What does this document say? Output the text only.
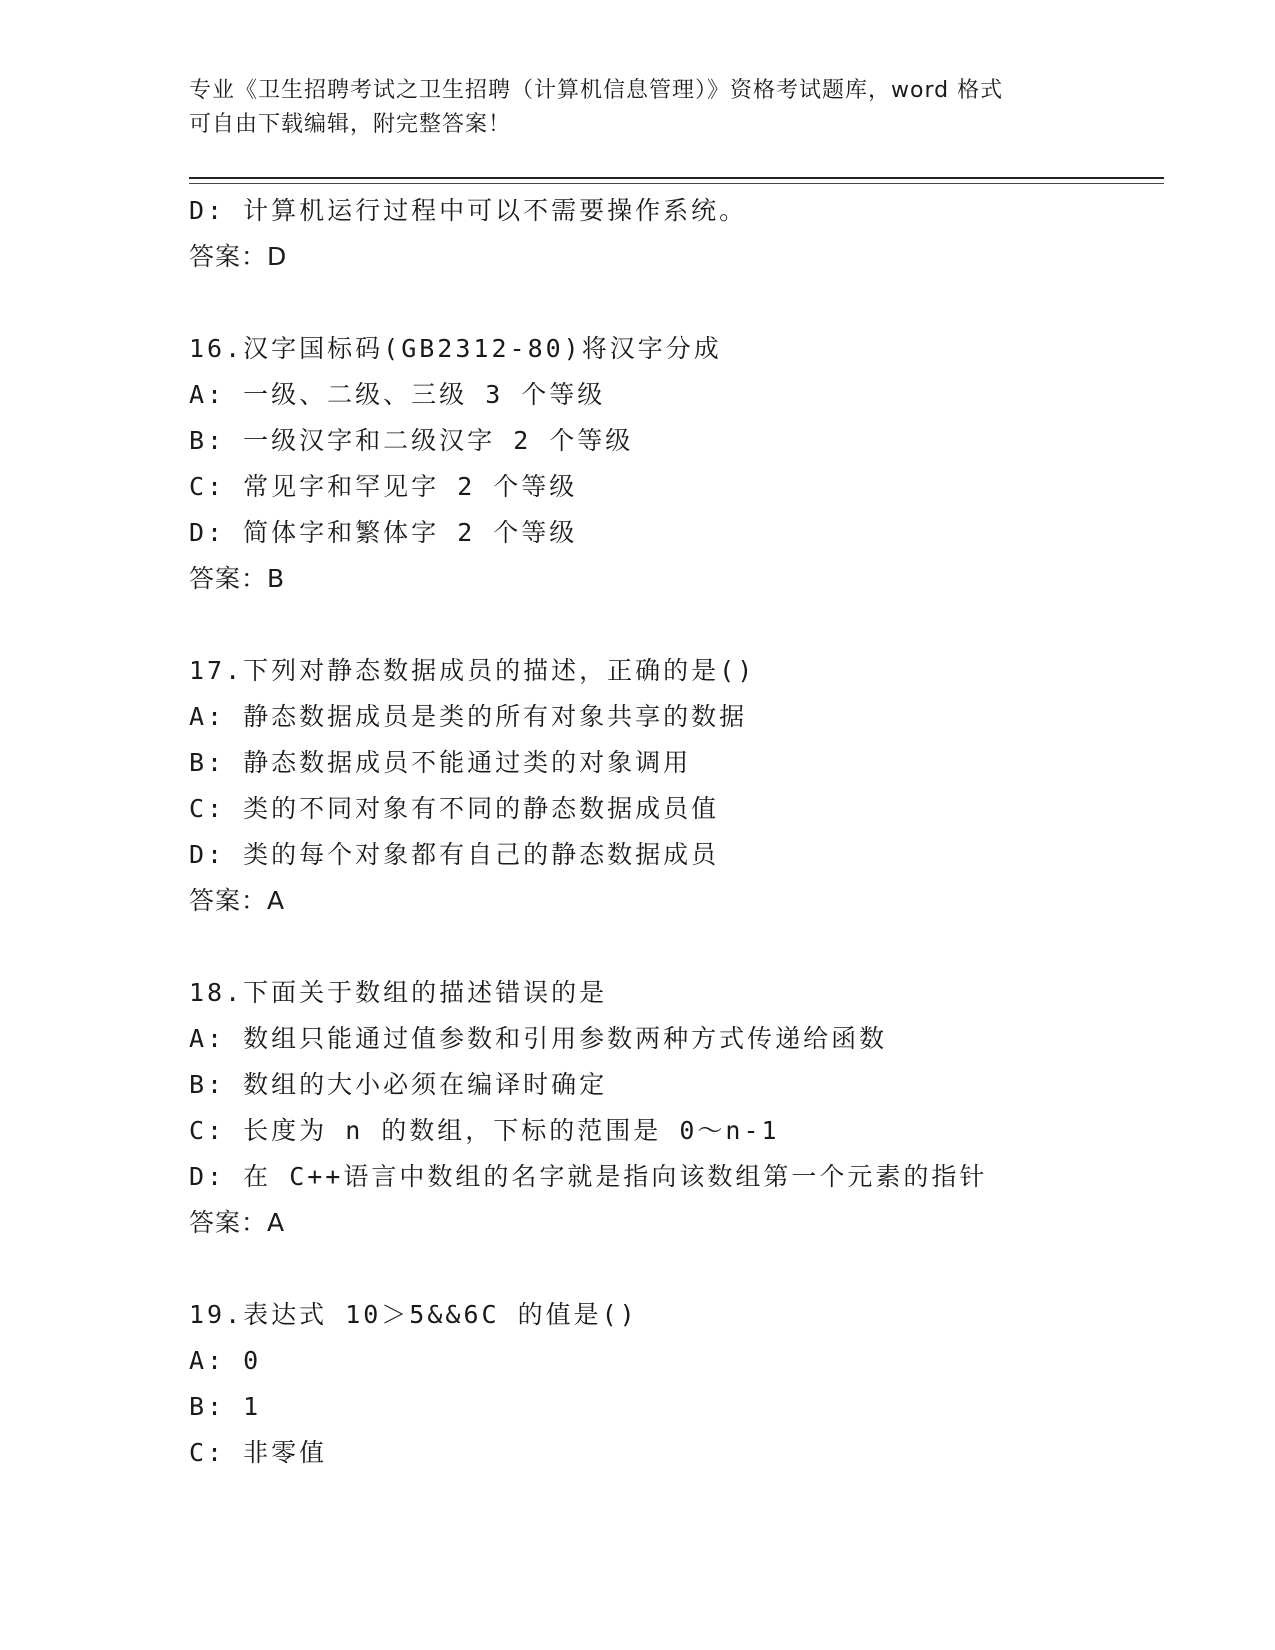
专业《卫生招聘考试之卫生招聘（计算机信息管理）》资格考试题库，word 格式
可自由下载编辑，附完整答案！
D: 计算机运行过程中可以不需要操作系统。
答案：D
16.汉字国标码(GB2312-80)将汉字分成
A: 一级、二级、三级 3 个等级
B: 一级汉字和二级汉字 2 个等级
C: 常见字和罕见字 2 个等级
D: 简体字和繁体字 2 个等级
答案：B
17.下列对静态数据成员的描述，正确的是()
A: 静态数据成员是类的所有对象共享的数据
B: 静态数据成员不能通过类的对象调用
C: 类的不同对象有不同的静态数据成员值
D: 类的每个对象都有自己的静态数据成员
答案：A
18.下面关于数组的描述错误的是
A: 数组只能通过值参数和引用参数两种方式传递给函数
B: 数组的大小必须在编译时确定
C: 长度为 n 的数组，下标的范围是 0～n-1
D: 在 C++语言中数组的名字就是指向该数组第一个元素的指针
答案：A
19.表达式 10＞5&&6C 的值是()
A: 0
B: 1
C: 非零值
